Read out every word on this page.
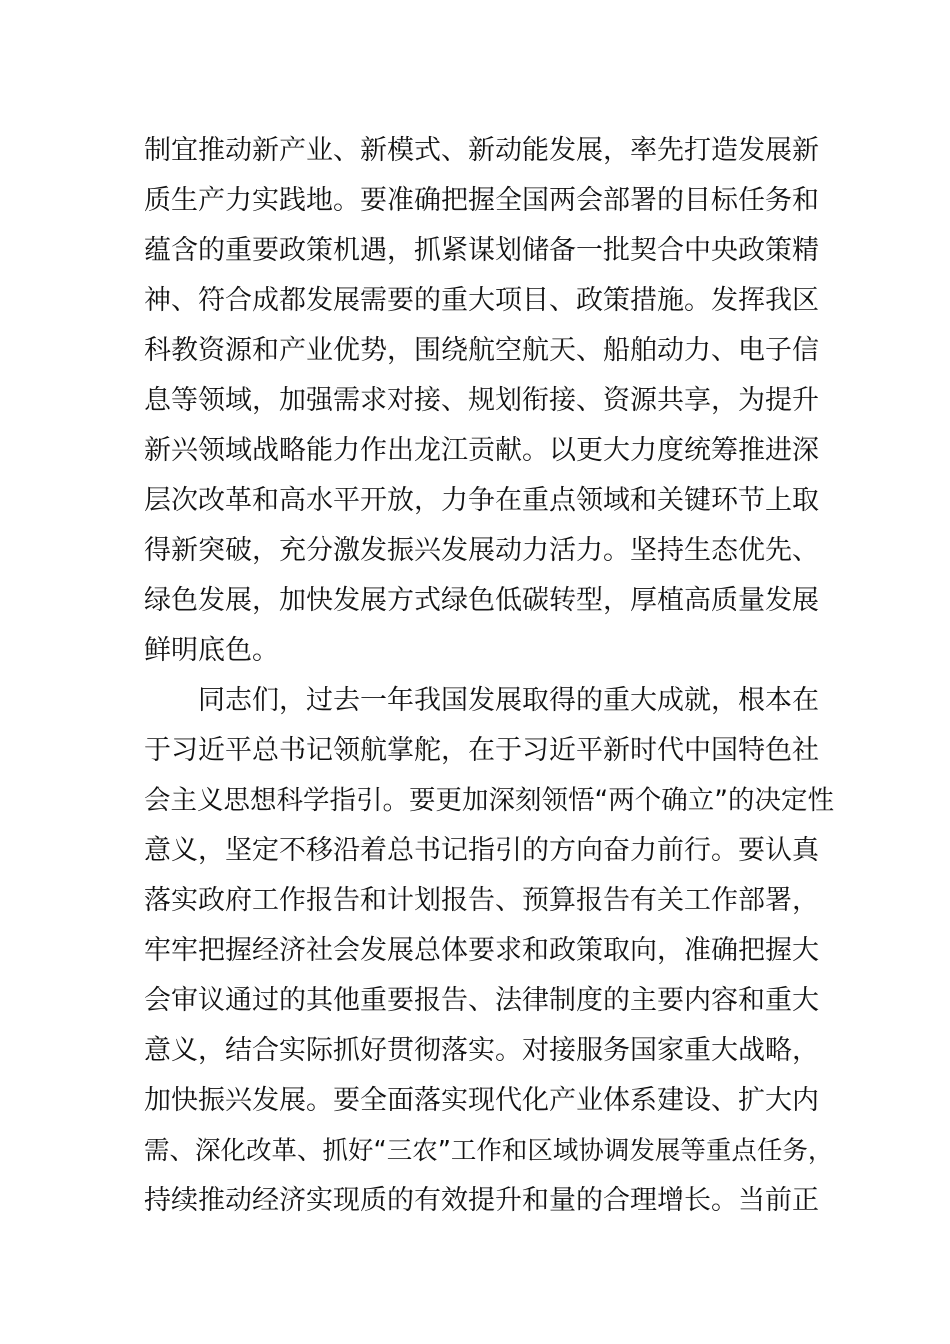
制宜推动新产业、新模式、新动能发展，率先打造发展新
质生产力实践地。要准确把握全国两会部署的目标任务和
蕴含的重要政策机遇，抓紧谋划储备一批契合中央政策精
神、符合成都发展需要的重大项目、政策措施。发挥我区
科教资源和产业优势，围绕航空航天、船舶动力、电子信
息等领域，加强需求对接、规划衔接、资源共享，为提升
新兴领域战略能力作出龙江贡献。以更大力度统筹推进深
层次改革和高水平开放，力争在重点领域和关键环节上取
得新突破，充分激发振兴发展动力活力。坚持生态优先、
绿色发展，加快发展方式绿色低碳转型，厚植高质量发展
鲜明底色。
　　同志们，过去一年我国发展取得的重大成就，根本在
于习近平总书记领航掌舵，在于习近平新时代中国特色社
会主义思想科学指引。要更加深刻领悟“两个确立”的决定性
意义，坚定不移沿着总书记指引的方向奋力前行。要认真
落实政府工作报告和计划报告、预算报告有关工作部署，
牢牢把握经济社会发展总体要求和政策取向，准确把握大
会审议通过的其他重要报告、法律制度的主要内容和重大
意义，结合实际抓好贯彻落实。对接服务国家重大战略，
加快振兴发展。要全面落实现代化产业体系建设、扩大内
需、深化改革、抓好“三农”工作和区域协调发展等重点任务，
持续推动经济实现质的有效提升和量的合理增长。当前正
